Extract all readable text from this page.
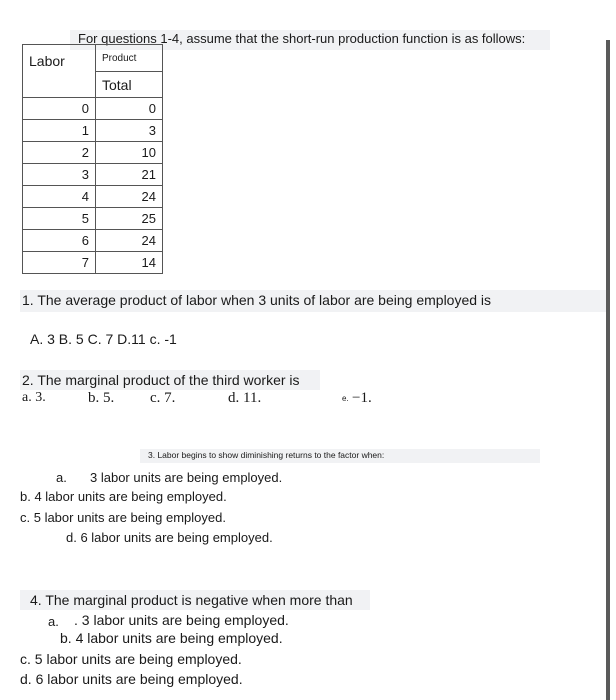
For questions 1-4, assume that the short-run production function is as follows:
Labor	Product
	Total
0	0
1	3
2	10
3	21
4	24
5	25
6	24
7	14
1. The average product of labor when 3 units of labor are being employed is
A. 3 B. 5 C. 7 D.11 c. -1
2. The marginal product of the third worker is
a. 3.	b. 5. c. 7.	d. 11.	e. −1.
3. Labor begins to show diminishing returns to the factor when:
a. 3 labor units are being employed.
b. 4 labor units are being employed.
c. 5 labor units are being employed.
d. 6 labor units are being employed.
4. The marginal product is negative when more than
a. . 3 labor units are being employed.
b. 4 labor units are being employed.
c. 5 labor units are being employed.
d. 6 labor units are being employed.
